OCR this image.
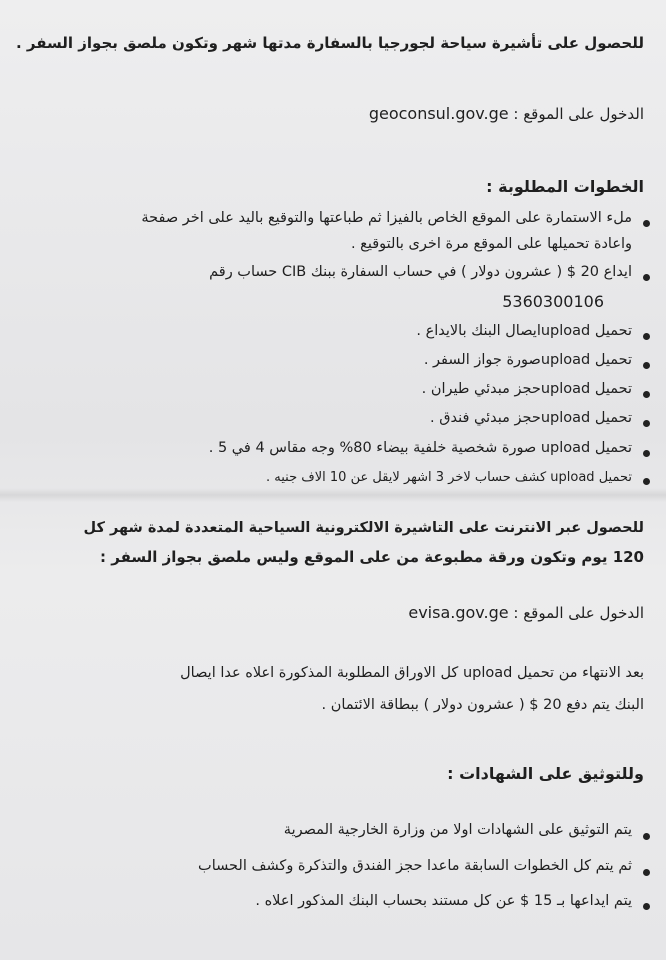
للحصول على تأشيرة سياحة لجورجيا بالسفارة مدتها شهر وتكون ملصق بجواز السفر .
الدخول على الموقع : geoconsul.gov.ge
الخطوات المطلوبة :
ملء الاستمارة على الموقع الخاص بالفيزا ثم طباعتها والتوقيع باليد على اخر صفحة
واعادة تحميلها على الموقع مرة اخرى بالتوقيع .
ايداع 20 $ ( عشرون دولار ) في حساب السفارة ببنك CIB حساب رقم
5360300106
تحميل uploadايصال البنك بالايداع .
تحميل uploadصورة جواز السفر .
تحميل uploadحجز مبدئي طيران .
تحميل uploadحجز مبدئي فندق .
تحميل upload صورة شخصية خلفية بيضاء 80% وجه مقاس 4 في 5 .
تحميل upload كشف حساب لاخر 3 اشهر لايقل عن 10 الاف جنيه .
للحصول عبر الانترنت على التاشيرة الالكترونية السياحية المتعددة لمدة شهر كل
120 يوم وتكون ورقة مطبوعة من على الموقع وليس ملصق بجواز السفر :
الدخول على الموقع : evisa.gov.ge
بعد الانتهاء من تحميل upload كل الاوراق المطلوبة المذكورة اعلاه عدا ايصال
البنك يتم دفع 20 $ ( عشرون دولار ) ببطاقة الائتمان .
وللتوثيق على الشهادات :
يتم التوثيق على الشهادات اولا من وزارة الخارجية المصرية
ثم يتم كل الخطوات السابقة ماعدا حجز الفندق والتذكرة وكشف الحساب
يتم ايداعها بـ 15 $ عن كل مستند بحساب البنك المذكور اعلاه .
